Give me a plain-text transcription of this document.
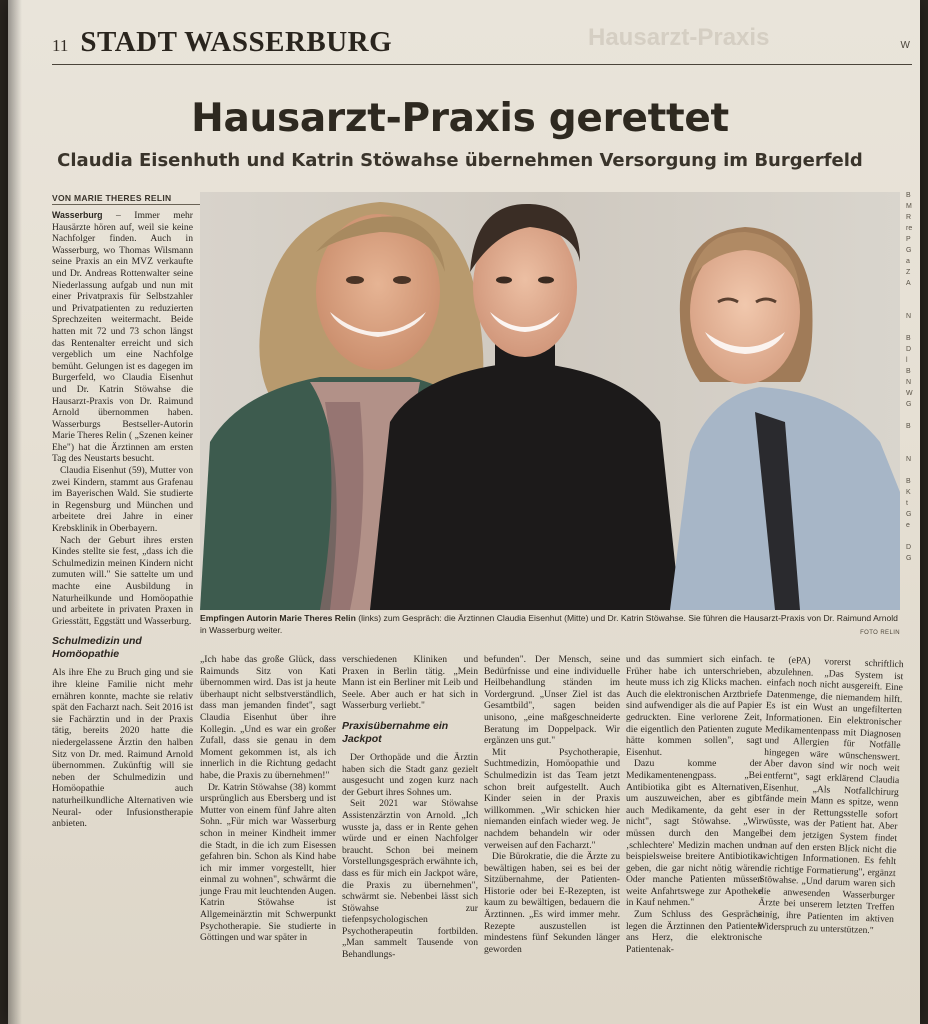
11 STADT WASSERBURG	Hausarzt-Praxis	W
Hausarzt-Praxis gerettet
Claudia Eisenhuth und Katrin Stöwahse übernehmen Versorgung im Burgerfeld
VON MARIE THERES RELIN

Wasserburg – Immer mehr Hausärzte hören auf, weil sie keine Nachfolger finden. Auch in Wasserburg, wo Thomas Wilsmann seine Praxis an ein MVZ verkaufte und Dr. Andreas Rottenwalter seine Niederlassung aufgab und nun mit einer Privatpraxis für Selbstzahler und Privatpatienten zu reduzierten Sprechzeiten weitermacht. Beide hatten mit 72 und 73 schon längst das Rentenalter erreicht und sich vergeblich um eine Nachfolge bemüht. Gelungen ist es dagegen im Burgerfeld, wo Claudia Eisenhut und Dr. Katrin Stöwahse die Hausarzt-Praxis von Dr. Raimund Arnold übernommen haben. Wasserburgs Bestseller-Autorin Marie Theres Relin ( „Szenen keiner Ehe") hat die Ärztinnen am ersten Tag des Neustarts besucht.

Claudia Eisenhut (59), Mutter von zwei Kindern, stammt aus Grafenau im Bayerischen Wald. Sie studierte in Regensburg und München und arbeitete drei Jahre in einer Krebsklinik in Oberbayern.

Nach der Geburt ihres ersten Kindes stellte sie fest, „dass ich die Schulmedizin meinen Kindern nicht zumuten will." Sie sattelte um und machte eine Ausbildung in Naturheilkunde und Homöopathie und arbeitete in privaten Praxen in Griesstätt, Eggstätt und Wasserburg.

Schulmedizin und Homöopathie

Als ihre Ehe zu Bruch ging und sie ihre kleine Familie nicht mehr ernähren konnte, machte sie relativ spät den Facharzt nach. Seit 2016 ist sie Fachärztin und in der Praxis tätig, bereits 2020 hatte die niedergelassene Ärztin den halben Sitz von Dr. med. Raimund Arnold übernommen. Zukünftig will sie neben der Schulmedizin und Homöopathie auch naturheilkundliche Alternativen wie Neural- oder Infusionstherapie anbieten.

Empfingen Autorin Marie Theres Relin (links) zum Gespräch: die Ärztinnen Claudia Eisenhut (Mitte) und Dr. Katrin Stöwahse. Sie führen die Hausarzt-Praxis von Dr. Raimund Arnold in Wasserburg weiter.	FOTO RELIN

„Ich habe das große Glück, dass Raimunds Sitz von Kati übernommen wird. Das ist ja heute überhaupt nicht selbstverständlich, dass man jemanden findet", sagt Claudia Eisenhut über ihre Kollegin. „Und es war ein großer Zufall, dass sie genau in dem Moment gekommen ist, als ich innerlich in die Richtung gedacht habe, die Praxis zu übernehmen!"

Dr. Katrin Stöwahse (38) kommt ursprünglich aus Ebersberg und ist Mutter von einem fünf Jahre alten Sohn. „Für mich war Wasserburg schon in meiner Kindheit immer die Stadt, in die ich zum Eisessen gefahren bin. Schon als Kind habe ich mir immer vorgestellt, hier einmal zu wohnen", schwärmt die junge Frau mit leuchtenden Augen. Katrin Stöwahse ist Allgemeinärztin mit Schwerpunkt Psychotherapie. Sie studierte in Göttingen und war später in

verschiedenen Kliniken und Praxen in Berlin tätig. „Mein Mann ist ein Berliner mit Leib und Seele. Aber auch er hat sich in Wasserburg verliebt."

Praxisübernahme ein Jackpot

Der Orthopäde und die Ärztin haben sich die Stadt ganz gezielt ausgesucht und zogen kurz nach der Geburt ihres Sohnes um.

Seit 2021 war Stöwahse Assistenzärztin von Arnold. „Ich wusste ja, dass er in Rente gehen würde und er einen Nachfolger braucht. Schon bei meinem Vorstellungsgespräch erwähnte ich, dass es für mich ein Jackpot wäre, die Praxis zu übernehmen", schwärmt sie. Nebenbei lässt sich Stöwahse zur tiefenpsychologischen Psychotherapeutin fortbilden. „Man sammelt Tausende von Behandlungs-

befunden". Der Mensch, seine Bedürfnisse und eine individuelle Heilbehandlung ständen im Vordergrund. „Unser Ziel ist das Gesamtbild", sagen beiden unisono, „eine maßgeschneiderte Beratung im Doppelpack. Wir ergänzen uns gut."

Mit Psychotherapie, Suchtmedizin, Homöopathie und Schulmedizin ist das Team jetzt schon breit aufgestellt. Auch Kinder seien in der Praxis willkommen. „Wir schicken hier niemanden einfach wieder weg. Je nachdem behandeln wir oder verweisen auf den Facharzt."

Die Bürokratie, die die Ärzte zu bewältigen haben, sei es bei der Sitzübernahme, der Patienten-Historie oder bei E-Rezepten, ist kaum zu bewältigen, bedauern die Ärztinnen. „Es wird immer mehr. Rezepte auszustellen ist mindestens fünf Sekunden länger geworden

und das summiert sich einfach. Früher habe ich unterschrieben, heute muss ich zig Klicks machen. Auch die elektronischen Arztbriefe sind aufwendiger als die auf Papier gedruckten. Eine verlorene Zeit, die eigentlich den Patienten zugute hätte kommen sollen", sagt Eisenhut.

Dazu komme der Medikamentenengpass. „Bei Antibiotika gibt es Alternativen, um auszuweichen, aber es gibt auch Medikamente, da geht es nicht", sagt Stöwahse. „Wir müssen durch den Mangel ‚schlechtere' Medizin machen und beispielsweise breitere Antibiotika geben, die gar nicht nötig wären. Oder manche Patienten müssen weite Anfahrtswege zur Apotheke in Kauf nehmen."

Zum Schluss des Gesprächs legen die Ärztinnen den Patienten ans Herz, die elektronische Patientenak-

te (ePA) vorerst schriftlich abzulehnen. „Das System ist einfach noch nicht ausgereift. Eine Datenmenge, die niemandem hilft. Es ist ein Wust an ungefilterten Informationen. Ein elektronischer Medikamentenpass mit Diagnosen und Allergien für Notfälle hingegen wäre wünschenswert. Aber davon sind wir noch weit entfernt", sagt erklärend Claudia Eisenhut. „Als Notfallchirurg fände mein Mann es spitze, wenn er in der Rettungsstelle sofort wüsste, was der Patient hat. Aber bei dem jetzigen System findet man auf den ersten Blick nicht die wichtigen Informationen. Es fehlt die richtige Formatierung", ergänzt Stöwahse. „Und darum waren sich die anwesenden Wasserburger Ärzte bei unserem letzten Treffen einig, ihre Patienten im aktiven Widerspruch zu unterstützen."

B
M
R
re
P
G
a
Z
A

N

B
D
l
B
N
W
G

B

N

B
K
t
G
e

D
G
